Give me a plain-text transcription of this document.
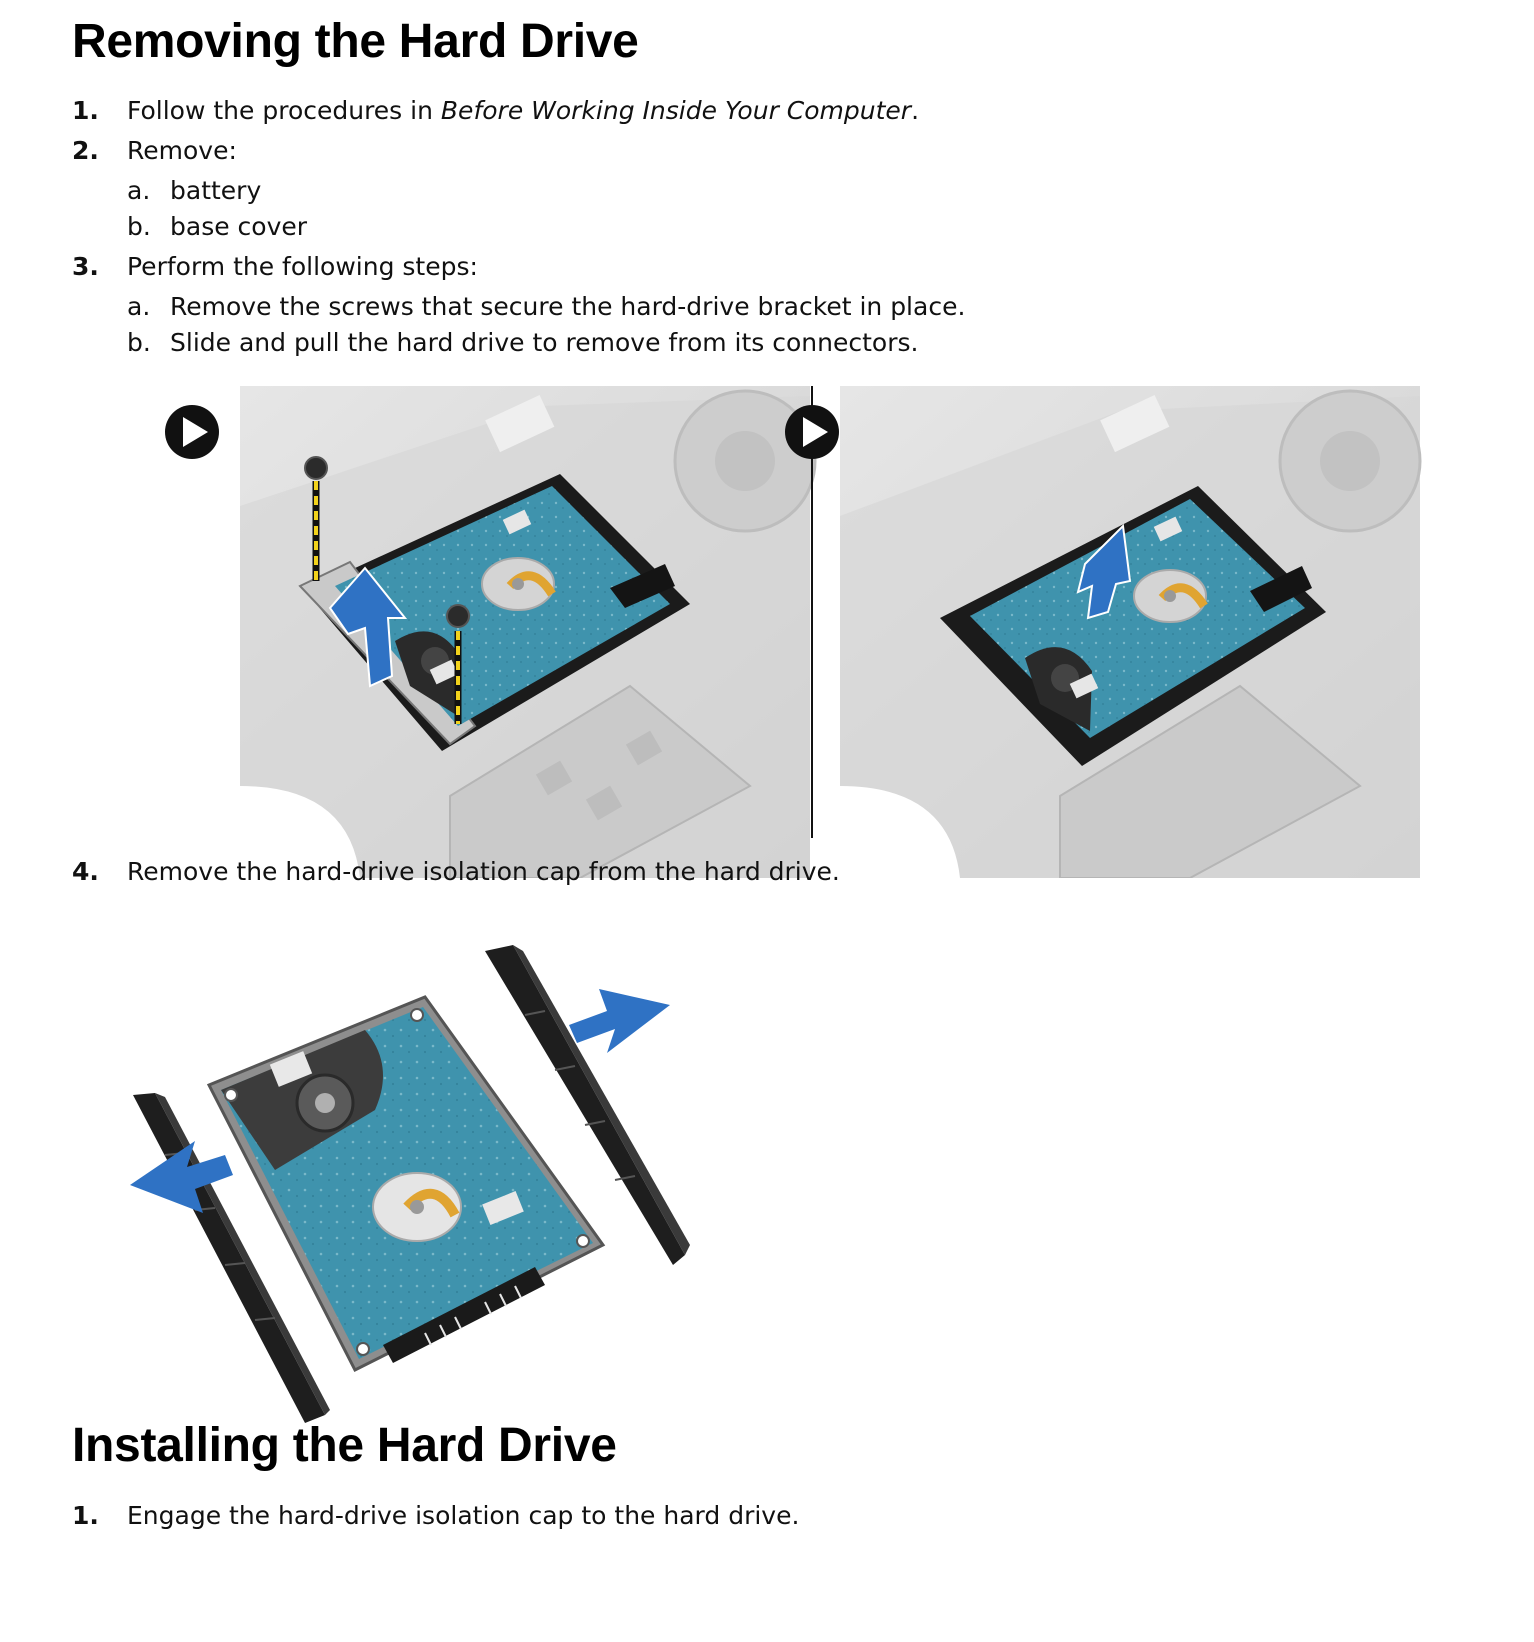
Removing the Hard Drive
1. Follow the procedures in Before Working Inside Your Computer.
2. Remove:
a. battery
b. base cover
3. Perform the following steps:
a. Remove the screws that secure the hard-drive bracket in place.
b. Slide and pull the hard drive to remove from its connectors.
4. Remove the hard-drive isolation cap from the hard drive.
Installing the Hard Drive
1. Engage the hard-drive isolation cap to the hard drive.
